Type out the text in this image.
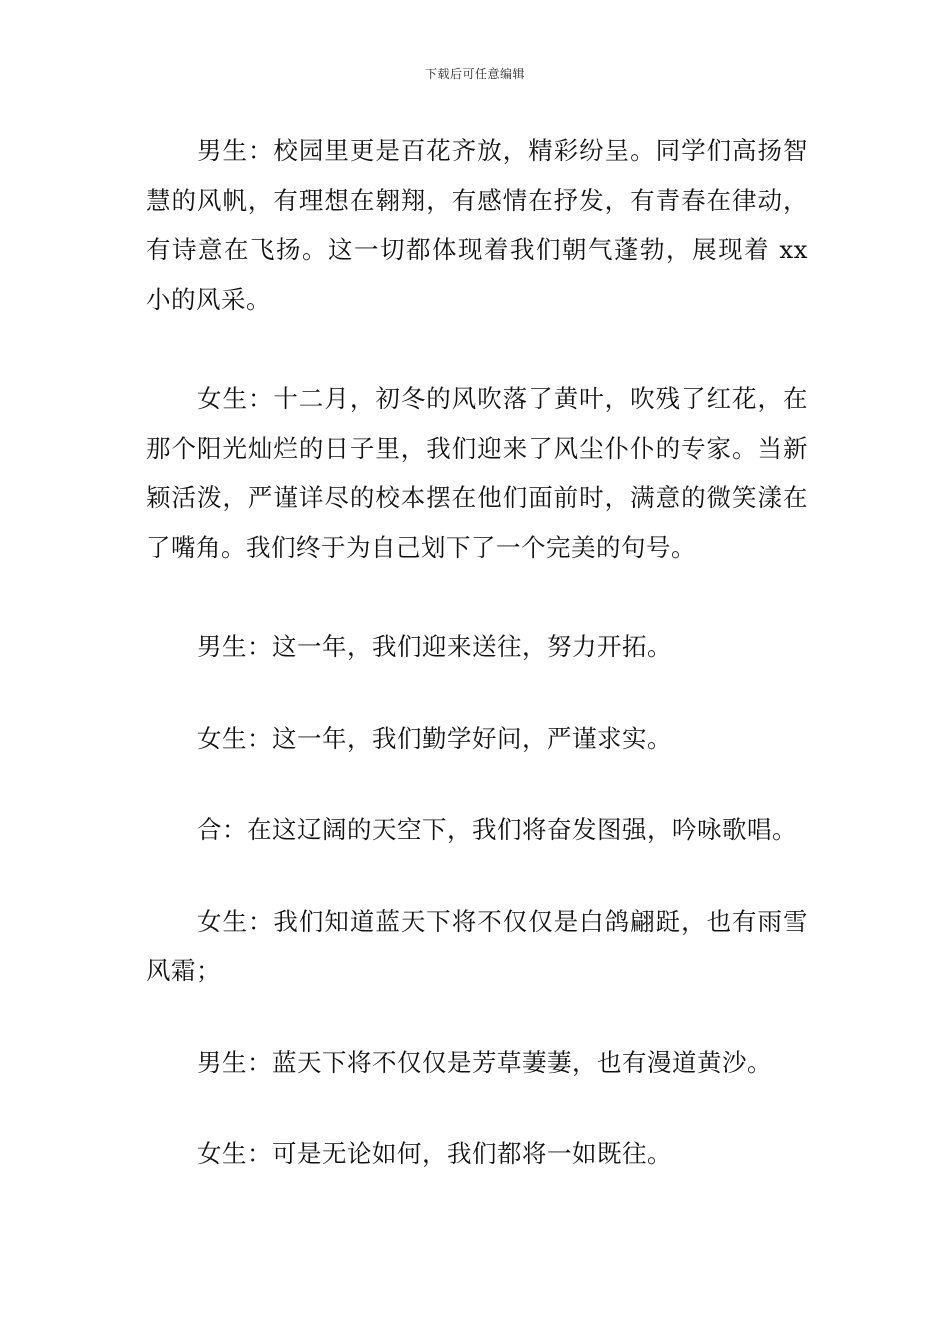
下载后可任意编辑

男生：校园里更是百花齐放，精彩纷呈。同学们高扬智慧的风帆，有理想在翱翔，有感情在抒发，有青春在律动，有诗意在飞扬。这一切都体现着我们朝气蓬勃，展现着 xx 小的风采。

女生：十二月，初冬的风吹落了黄叶，吹残了红花，在那个阳光灿烂的日子里，我们迎来了风尘仆仆的专家。当新颖活泼，严谨详尽的校本摆在他们面前时，满意的微笑漾在了嘴角。我们终于为自己划下了一个完美的句号。

男生：这一年，我们迎来送往，努力开拓。

女生：这一年，我们勤学好问，严谨求实。

合：在这辽阔的天空下，我们将奋发图强，吟咏歌唱。

女生：我们知道蓝天下将不仅仅是白鸽翩跹，也有雨雪风霜；

男生：蓝天下将不仅仅是芳草萋萋，也有漫道黄沙。

女生：可是无论如何，我们都将一如既往。
